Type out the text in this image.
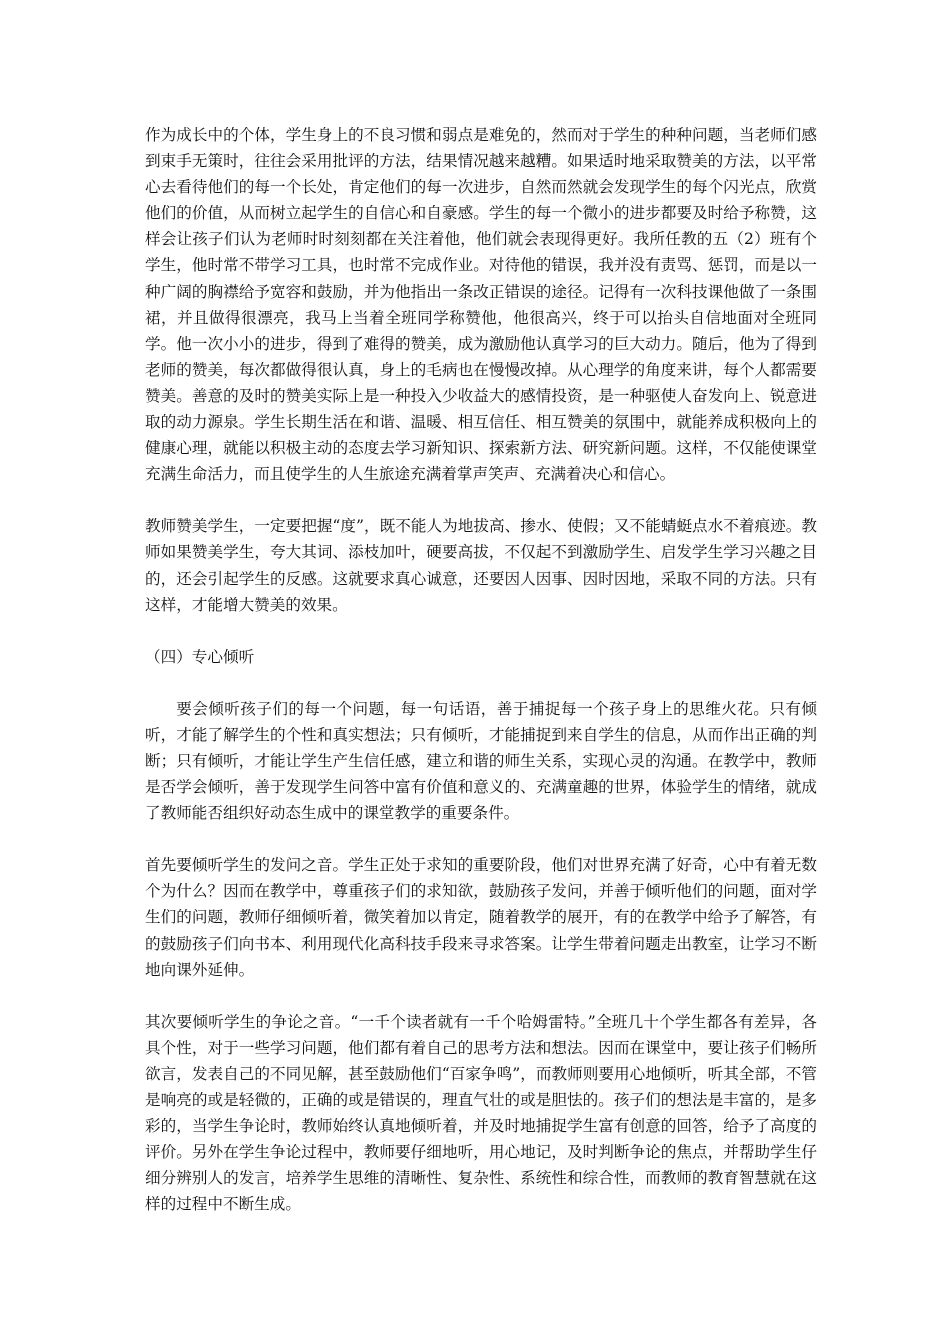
作为成长中的个体，学生身上的不良习惯和弱点是难免的，然而对于学生的种种问题，当老师们感到束手无策时，往往会采用批评的方法，结果情况越来越糟。如果适时地采取赞美的方法，以平常心去看待他们的每一个长处，肯定他们的每一次进步，自然而然就会发现学生的每个闪光点，欣赏他们的价值，从而树立起学生的自信心和自豪感。学生的每一个微小的进步都要及时给予称赞，这样会让孩子们认为老师时时刻刻都在关注着他，他们就会表现得更好。我所任教的五（2）班有个学生，他时常不带学习工具，也时常不完成作业。对待他的错误，我并没有责骂、惩罚，而是以一种广阔的胸襟给予宽容和鼓励，并为他指出一条改正错误的途径。记得有一次科技课他做了一条围裙，并且做得很漂亮，我马上当着全班同学称赞他，他很高兴，终于可以抬头自信地面对全班同学。他一次小小的进步，得到了难得的赞美，成为激励他认真学习的巨大动力。随后，他为了得到老师的赞美，每次都做得很认真，身上的毛病也在慢慢改掉。从心理学的角度来讲，每个人都需要赞美。善意的及时的赞美实际上是一种投入少收益大的感情投资，是一种驱使人奋发向上、锐意进取的动力源泉。学生长期生活在和谐、温暖、相互信任、相互赞美的氛围中，就能养成积极向上的健康心理，就能以积极主动的态度去学习新知识、探索新方法、研究新问题。这样，不仅能使课堂充满生命活力，而且使学生的人生旅途充满着掌声笑声、充满着决心和信心。

教师赞美学生，一定要把握“度”，既不能人为地拔高、掺水、使假；又不能蜻蜓点水不着痕迹。教师如果赞美学生，夸大其词、添枝加叶，硬要高拔，不仅起不到激励学生、启发学生学习兴趣之目的，还会引起学生的反感。这就要求真心诚意，还要因人因事、因时因地，采取不同的方法。只有这样，才能增大赞美的效果。

（四）专心倾听

要会倾听孩子们的每一个问题，每一句话语，善于捕捉每一个孩子身上的思维火花。只有倾听，才能了解学生的个性和真实想法；只有倾听，才能捕捉到来自学生的信息，从而作出正确的判断；只有倾听，才能让学生产生信任感，建立和谐的师生关系，实现心灵的沟通。在教学中，教师是否学会倾听，善于发现学生问答中富有价值和意义的、充满童趣的世界，体验学生的情绪，就成了教师能否组织好动态生成中的课堂教学的重要条件。

首先要倾听学生的发问之音。学生正处于求知的重要阶段，他们对世界充满了好奇，心中有着无数个为什么？因而在教学中，尊重孩子们的求知欲，鼓励孩子发问，并善于倾听他们的问题，面对学生们的问题，教师仔细倾听着，微笑着加以肯定，随着教学的展开，有的在教学中给予了解答，有的鼓励孩子们向书本、利用现代化高科技手段来寻求答案。让学生带着问题走出教室，让学习不断地向课外延伸。

其次要倾听学生的争论之音。“一千个读者就有一千个哈姆雷特。”全班几十个学生都各有差异，各具个性，对于一些学习问题，他们都有着自己的思考方法和想法。因而在课堂中，要让孩子们畅所欲言，发表自己的不同见解，甚至鼓励他们“百家争鸣”，而教师则要用心地倾听，听其全部，不管是响亮的或是轻微的，正确的或是错误的，理直气壮的或是胆怯的。孩子们的想法是丰富的，是多彩的，当学生争论时，教师始终认真地倾听着，并及时地捕捉学生富有创意的回答，给予了高度的评价。另外在学生争论过程中，教师要仔细地听，用心地记，及时判断争论的焦点，并帮助学生仔细分辨别人的发言，培养学生思维的清晰性、复杂性、系统性和综合性，而教师的教育智慧就在这样的过程中不断生成。
